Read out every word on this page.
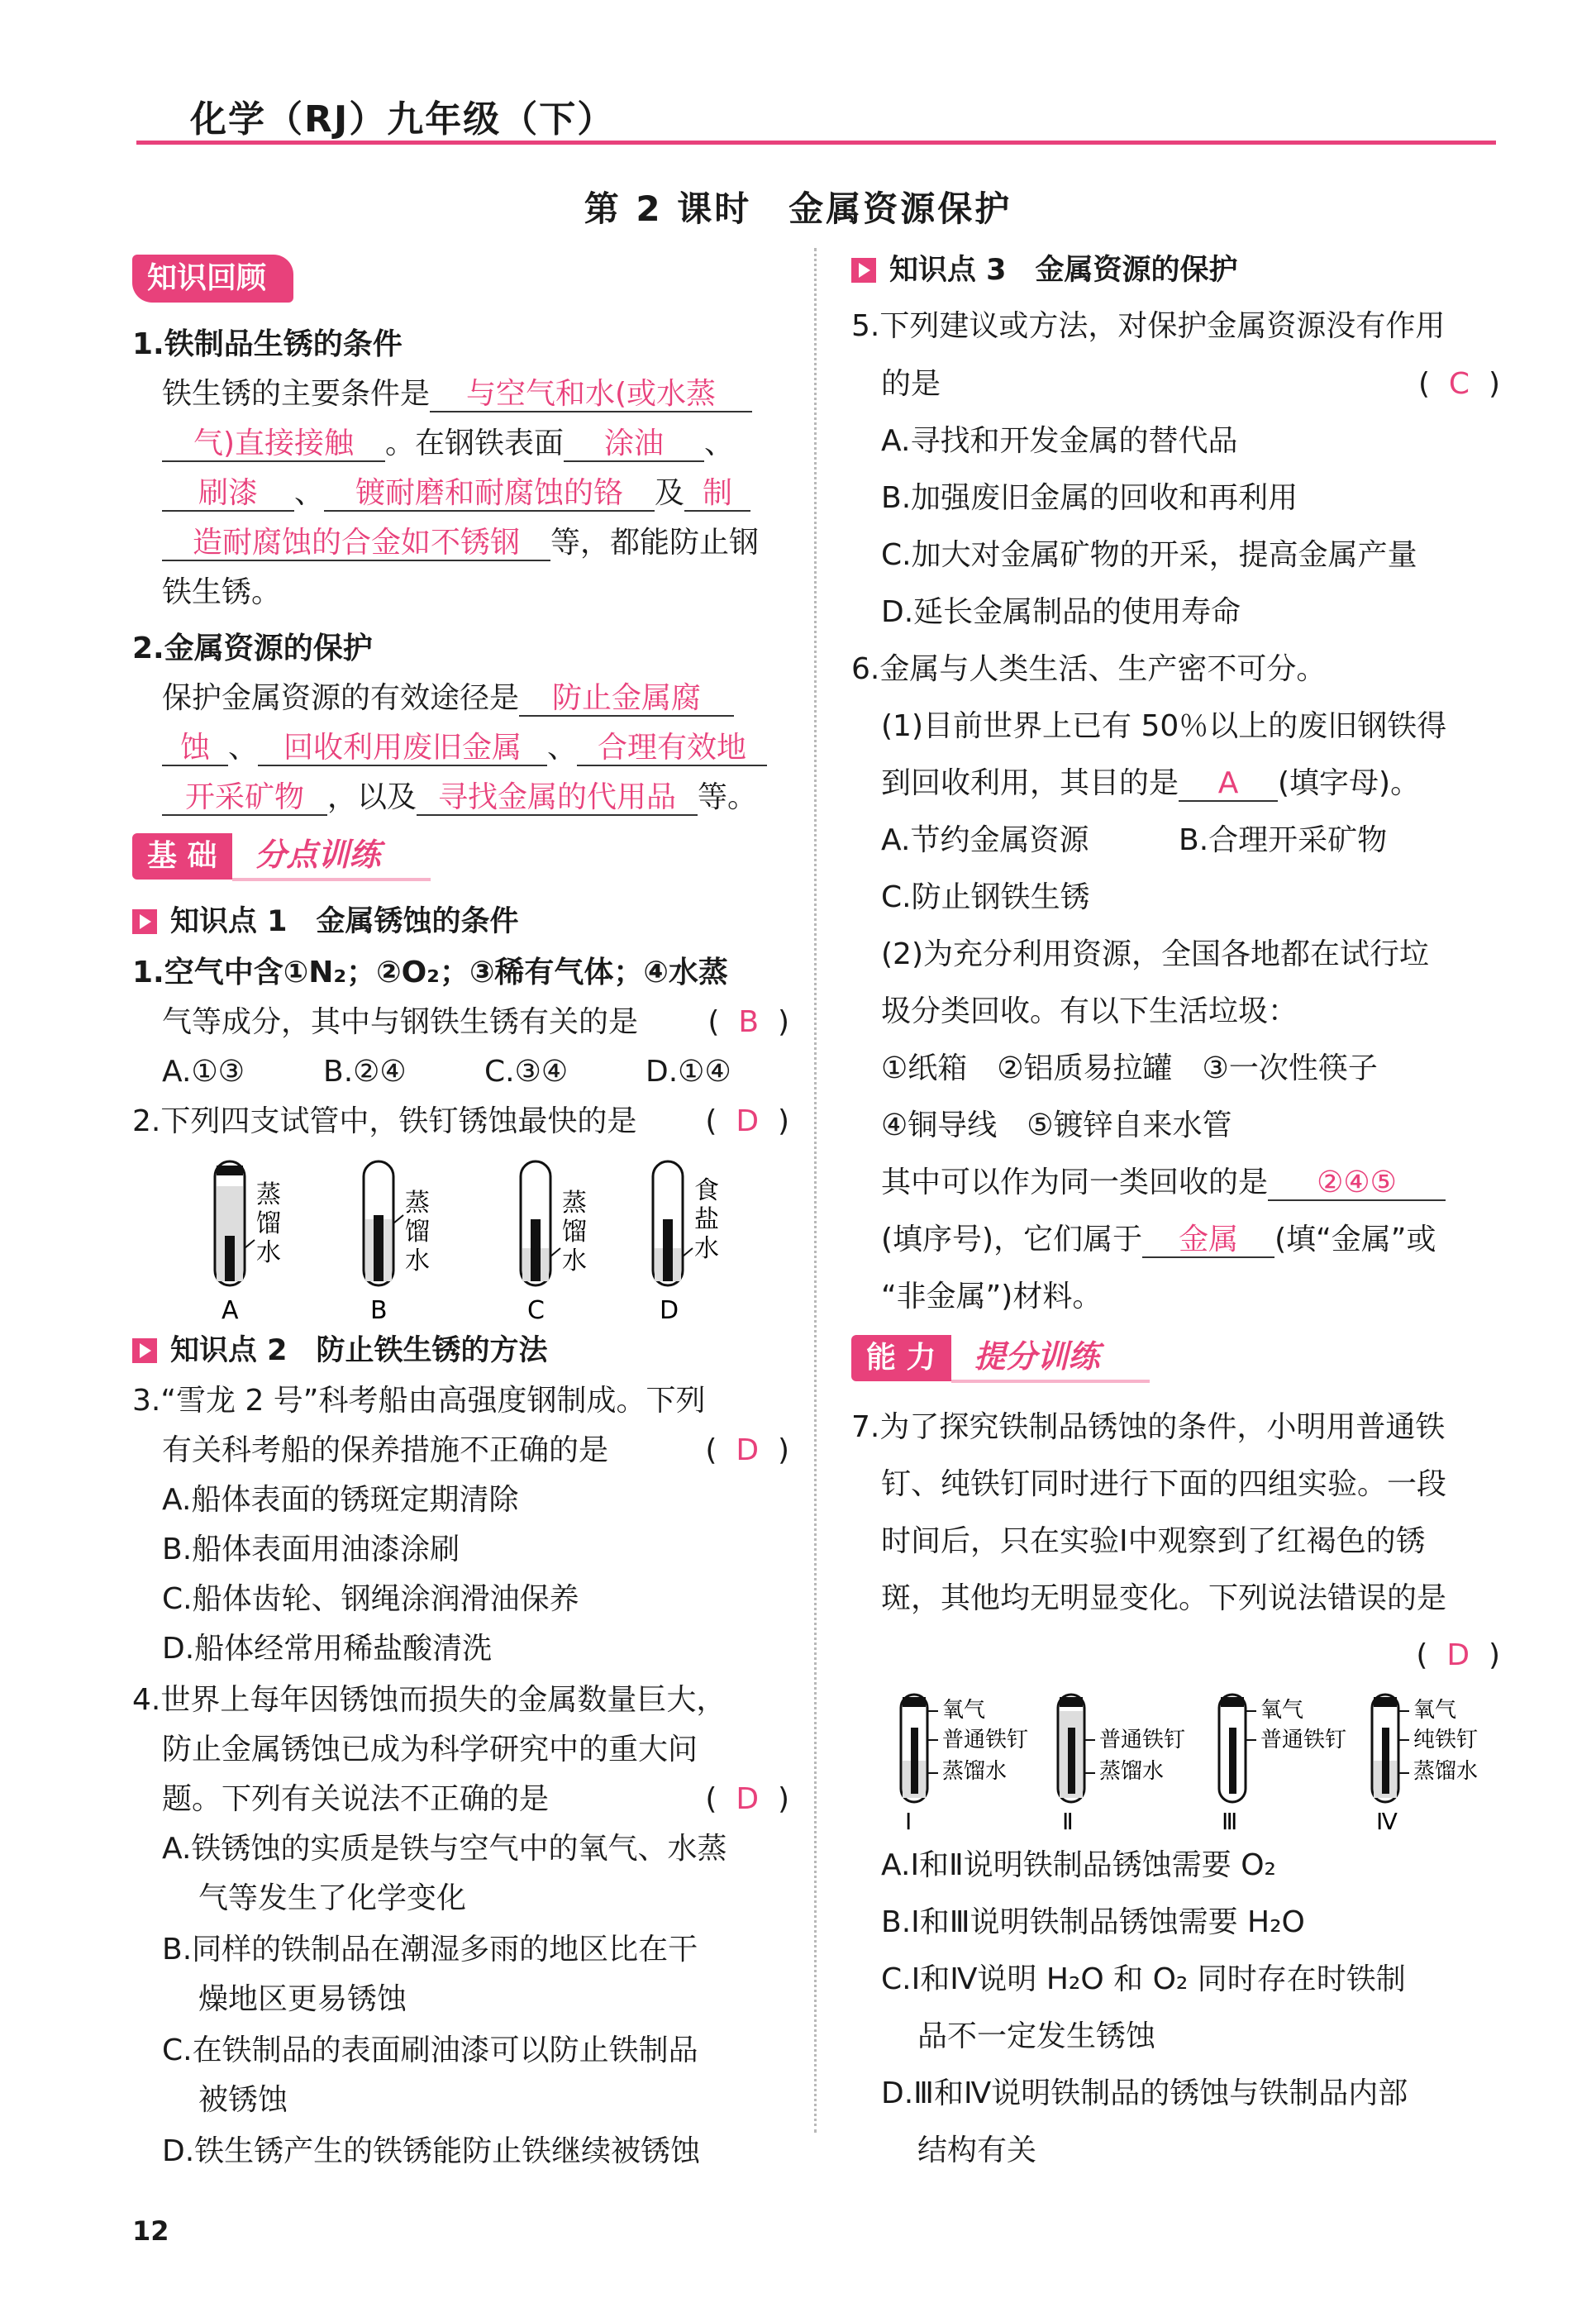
化学（RJ）九年级（下）
第 2 课时　金属资源保护
知识回顾
1.铁制品生锈的条件
铁生锈的主要条件是 与空气和水(或水蒸
气)直接接触 。在钢铁表面 涂油 、
刷漆 、 镀耐磨和耐腐蚀的铬 及 制
造耐腐蚀的合金如不锈钢 等，都能防止钢
铁生锈。
2.金属资源的保护
保护金属资源的有效途径是 防止金属腐
蚀 、 回收利用废旧金属 、 合理有效地
开采矿物 ，以及 寻找金属的代用品 等。
基 础	分点训练
知识点 1　金属锈蚀的条件
1.空气中含①N₂；②O₂；③稀有气体；④水蒸
气等成分，其中与钢铁生锈有关的是 (  B  )
A.①③	B.②④	C.③④	D.①④
2.下列四支试管中，铁钉锈蚀最快的是 (  D  )
蒸
馏
水
A
蒸
馏
水
B
蒸
馏
水
C
食
盐
水
D
知识点 2　防止铁生锈的方法
3.“雪龙 2 号”科考船由高强度钢制成。下列
有关科考船的保养措施不正确的是	(  D  )
A.船体表面的锈斑定期清除
B.船体表面用油漆涂刷
C.船体齿轮、钢绳涂润滑油保养
D.船体经常用稀盐酸清洗
4.世界上每年因锈蚀而损失的金属数量巨大，
防止金属锈蚀已成为科学研究中的重大问
题。下列有关说法不正确的是	(  D  )
A.铁锈蚀的实质是铁与空气中的氧气、水蒸
气等发生了化学变化
B.同样的铁制品在潮湿多雨的地区比在干
燥地区更易锈蚀
C.在铁制品的表面刷油漆可以防止铁制品
被锈蚀
D.铁生锈产生的铁锈能防止铁继续被锈蚀
知识点 3　金属资源的保护
5.下列建议或方法，对保护金属资源没有作用
的是	(  C  )
A.寻找和开发金属的替代品
B.加强废旧金属的回收和再利用
C.加大对金属矿物的开采，提高金属产量
D.延长金属制品的使用寿命
6.金属与人类生活、生产密不可分。
(1)目前世界上已有 50％以上的废旧钢铁得
到回收利用，其目的是 A (填字母)。
A.节约金属资源	B.合理开采矿物
C.防止钢铁生锈
(2)为充分利用资源，全国各地都在试行垃
圾分类回收。有以下生活垃圾：
①纸箱　②铝质易拉罐　③一次性筷子
④铜导线　⑤镀锌自来水管
其中可以作为同一类回收的是 ②④⑤
(填序号)，它们属于 金属 (填“金属”或
“非金属”)材料。
能 力	提分训练
7.为了探究铁制品锈蚀的条件，小明用普通铁
钉、纯铁钉同时进行下面的四组实验。一段
时间后，只在实验Ⅰ中观察到了红褐色的锈
斑，其他均无明显变化。下列说法错误的是
(  D  )
氧气
普通铁钉
蒸馏水
Ⅰ
普通铁钉
蒸馏水
Ⅱ
氧气
普通铁钉
Ⅲ
氧气
纯铁钉
蒸馏水
Ⅳ
A.Ⅰ和Ⅱ说明铁制品锈蚀需要 O₂
B.Ⅰ和Ⅲ说明铁制品锈蚀需要 H₂O
C.Ⅰ和Ⅳ说明 H₂O 和 O₂ 同时存在时铁制
品不一定发生锈蚀
D.Ⅲ和Ⅳ说明铁制品的锈蚀与铁制品内部
结构有关
12
